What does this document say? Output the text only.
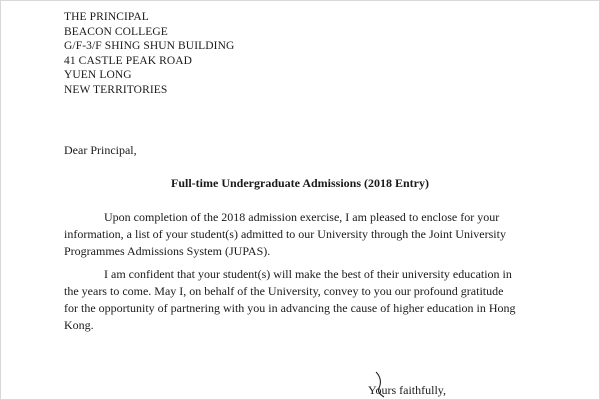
THE PRINCIPAL
BEACON COLLEGE
G/F-3/F SHING SHUN BUILDING
41 CASTLE PEAK ROAD
YUEN LONG
NEW TERRITORIES
Dear Principal,
Full-time Undergraduate Admissions (2018 Entry)
Upon completion of the 2018 admission exercise, I am pleased to enclose for your
information, a list of your student(s) admitted to our University through the Joint University
Programmes Admissions System (JUPAS).
I am confident that your student(s) will make the best of their university education in
the years to come. May I, on behalf of the University, convey to you our profound gratitude
for the opportunity of partnering with you in advancing the cause of higher education in Hong
Kong.
Yours faithfully,
